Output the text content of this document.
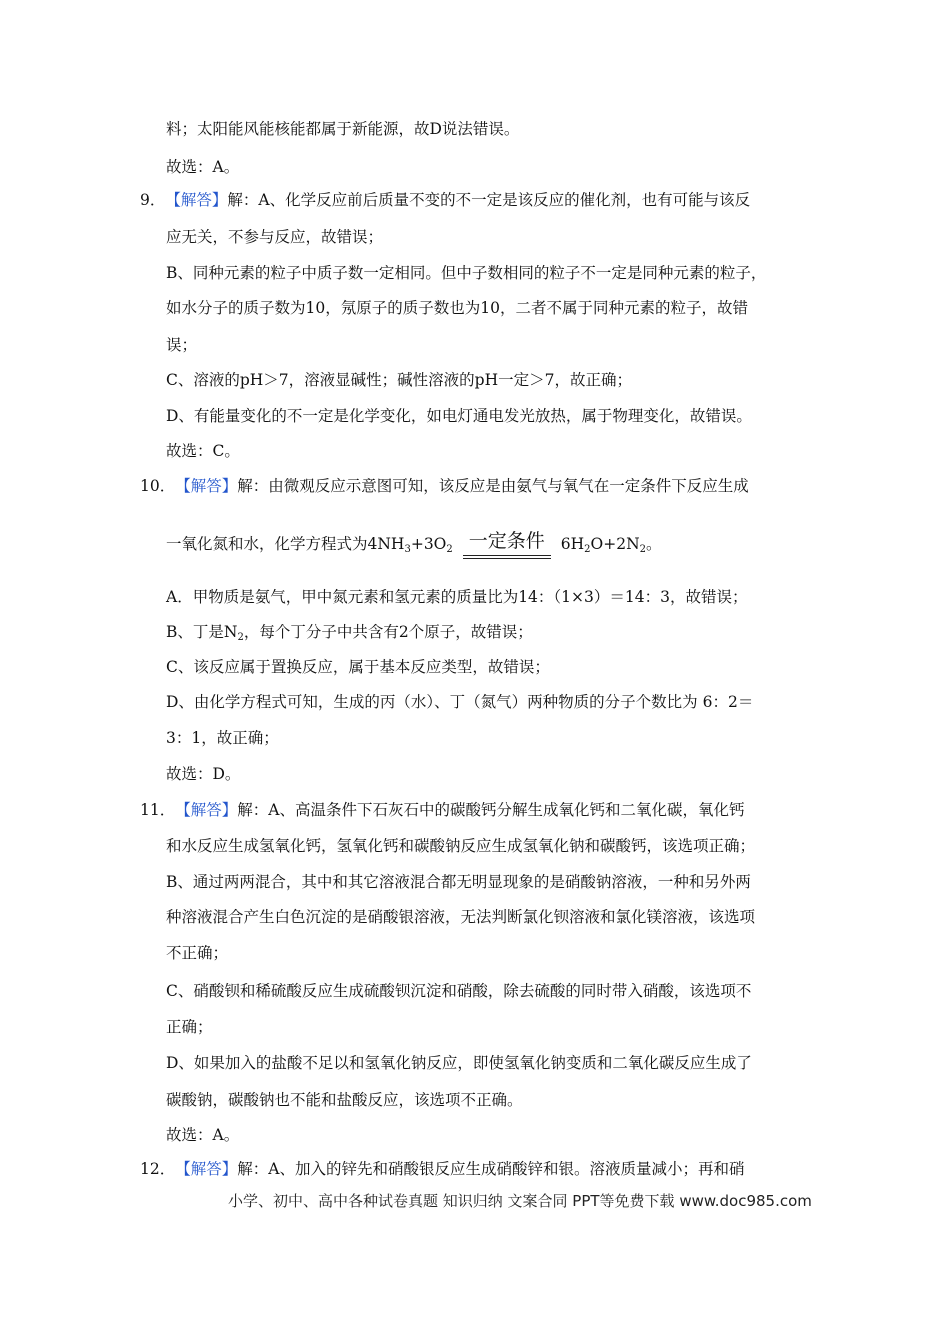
料；太阳能风能核能都属于新能源，故D说法错误。
故选：A。
9．【解答】解：A、化学反应前后质量不变的不一定是该反应的催化剂，也有可能与该反
应无关，不参与反应，故错误；
B、同种元素的粒子中质子数一定相同。但中子数相同的粒子不一定是同种元素的粒子，
如水分子的质子数为10，氖原子的质子数也为10，二者不属于同种元素的粒子，故错
误；
C、溶液的pH＞7，溶液显碱性；碱性溶液的pH一定＞7，故正确；
D、有能量变化的不一定是化学变化，如电灯通电发光放热，属于物理变化，故错误。
故选：C。
10．【解答】解：由微观反应示意图可知，该反应是由氨气与氧气在一定条件下反应生成
一氧化氮和水，化学方程式为$4NH_3+3O_2$ 一定条件 $6H_2O+2N_2$。
A．甲物质是氨气，甲中氮元素和氢元素的质量比为14：（1×3）＝14：3，故错误；
B、丁是$N_2$，每个丁分子中共含有2个原子，故错误；
C、该反应属于置换反应，属于基本反应类型，故错误；
D、由化学方程式可知，生成的丙（水）、丁（氮气）两种物质的分子个数比为 6：2＝
3：1，故正确；
故选：D。
11．【解答】解：A、高温条件下石灰石中的碳酸钙分解生成氧化钙和二氧化碳，氧化钙
和水反应生成氢氧化钙，氢氧化钙和碳酸钠反应生成氢氧化钠和碳酸钙，该选项正确；
B、通过两两混合，其中和其它溶液混合都无明显现象的是硝酸钠溶液，一种和另外两
种溶液混合产生白色沉淀的是硝酸银溶液，无法判断氯化钡溶液和氯化镁溶液，该选项
不正确；
C、硝酸钡和稀硫酸反应生成硫酸钡沉淀和硝酸，除去硫酸的同时带入硝酸，该选项不
正确；
D、如果加入的盐酸不足以和氢氧化钠反应，即使氢氧化钠变质和二氧化碳反应生成了
碳酸钠，碳酸钠也不能和盐酸反应，该选项不正确。
故选：A。
12．【解答】解：A、加入的锌先和硝酸银反应生成硝酸锌和银。溶液质量减小；再和硝
小学、初中、高中各种试卷真题 知识归纳 文案合同 PPT等免费下载 www.doc985.com
